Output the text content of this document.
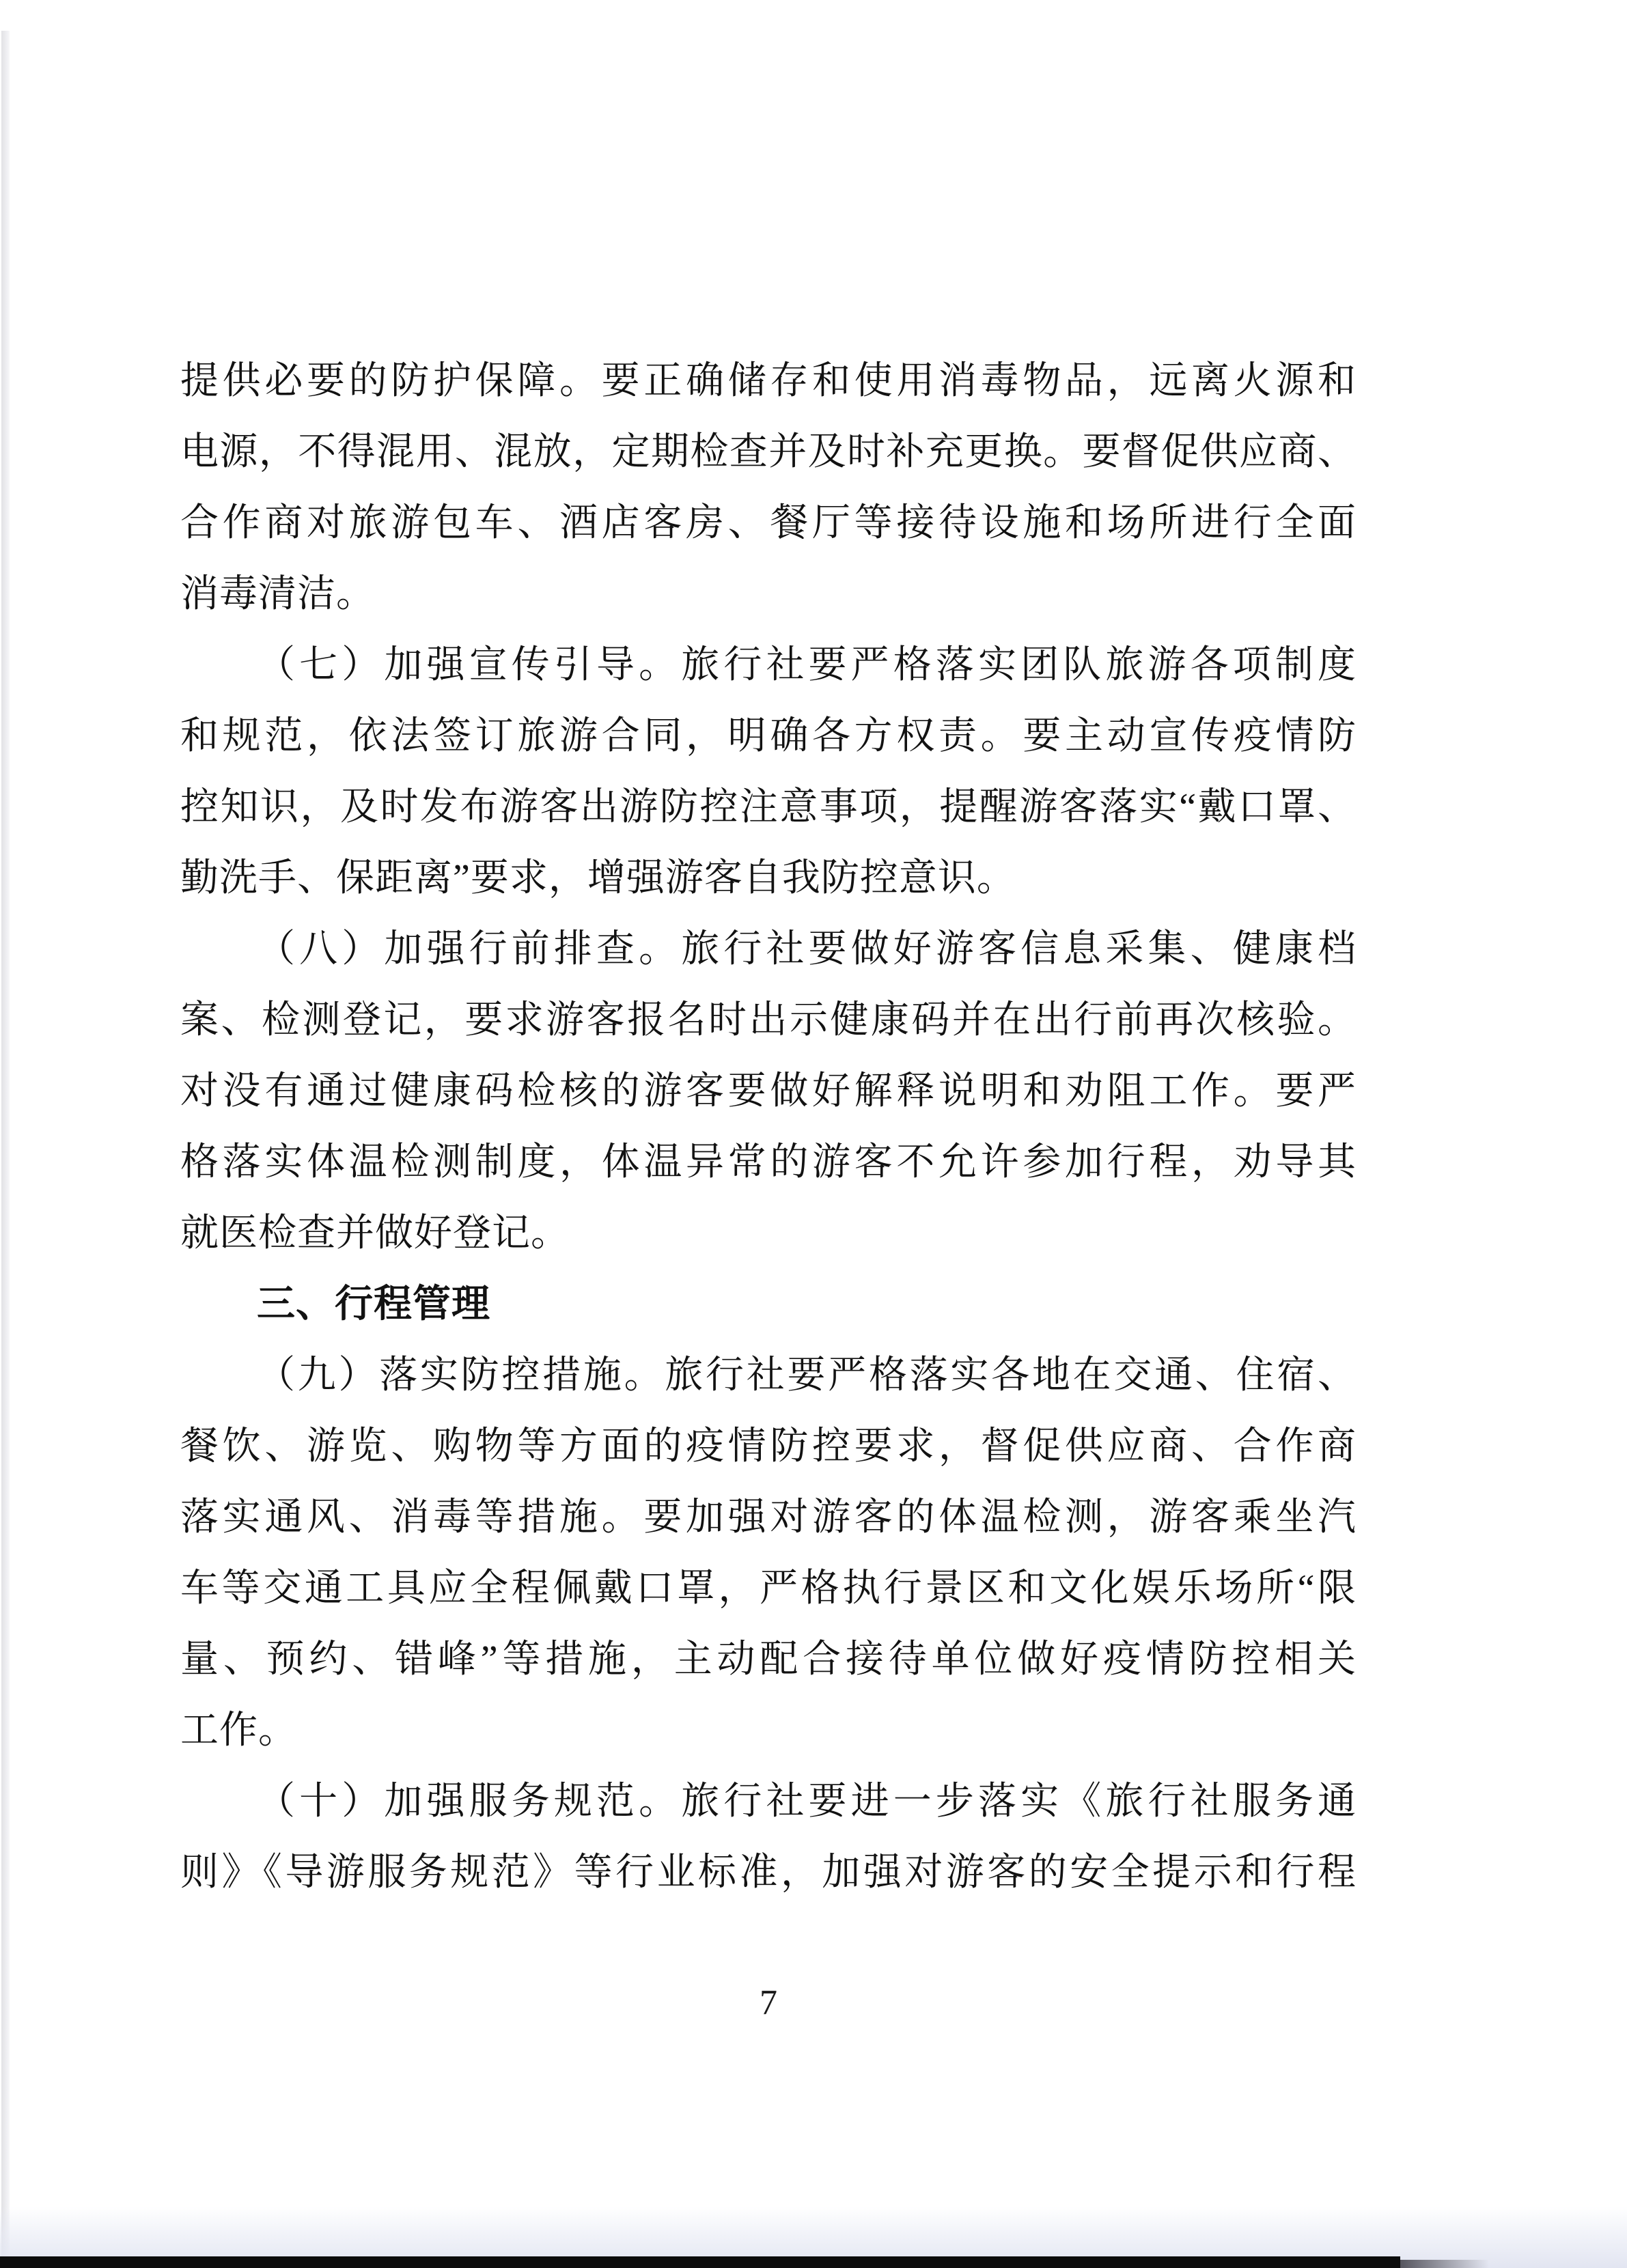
提供必要的防护保障。要正确储存和使用消毒物品，远离火源和
电源，不得混用、混放，定期检查并及时补充更换。要督促供应商、
合作商对旅游包车、酒店客房、餐厅等接待设施和场所进行全面
消毒清洁。
（七）加强宣传引导。旅行社要严格落实团队旅游各项制度
和规范，依法签订旅游合同，明确各方权责。要主动宣传疫情防
控知识，及时发布游客出游防控注意事项，提醒游客落实“戴口罩、
勤洗手、保距离”要求，增强游客自我防控意识。
（八）加强行前排查。旅行社要做好游客信息采集、健康档
案、检测登记，要求游客报名时出示健康码并在出行前再次核验。
对没有通过健康码检核的游客要做好解释说明和劝阻工作。要严
格落实体温检测制度，体温异常的游客不允许参加行程，劝导其
就医检查并做好登记。
三、行程管理
（九）落实防控措施。旅行社要严格落实各地在交通、住宿、
餐饮、游览、购物等方面的疫情防控要求，督促供应商、合作商
落实通风、消毒等措施。要加强对游客的体温检测，游客乘坐汽
车等交通工具应全程佩戴口罩，严格执行景区和文化娱乐场所“限
量、预约、错峰”等措施，主动配合接待单位做好疫情防控相关
工作。
（十）加强服务规范。旅行社要进一步落实《旅行社服务通
则》《导游服务规范》等行业标准，加强对游客的安全提示和行程
7
